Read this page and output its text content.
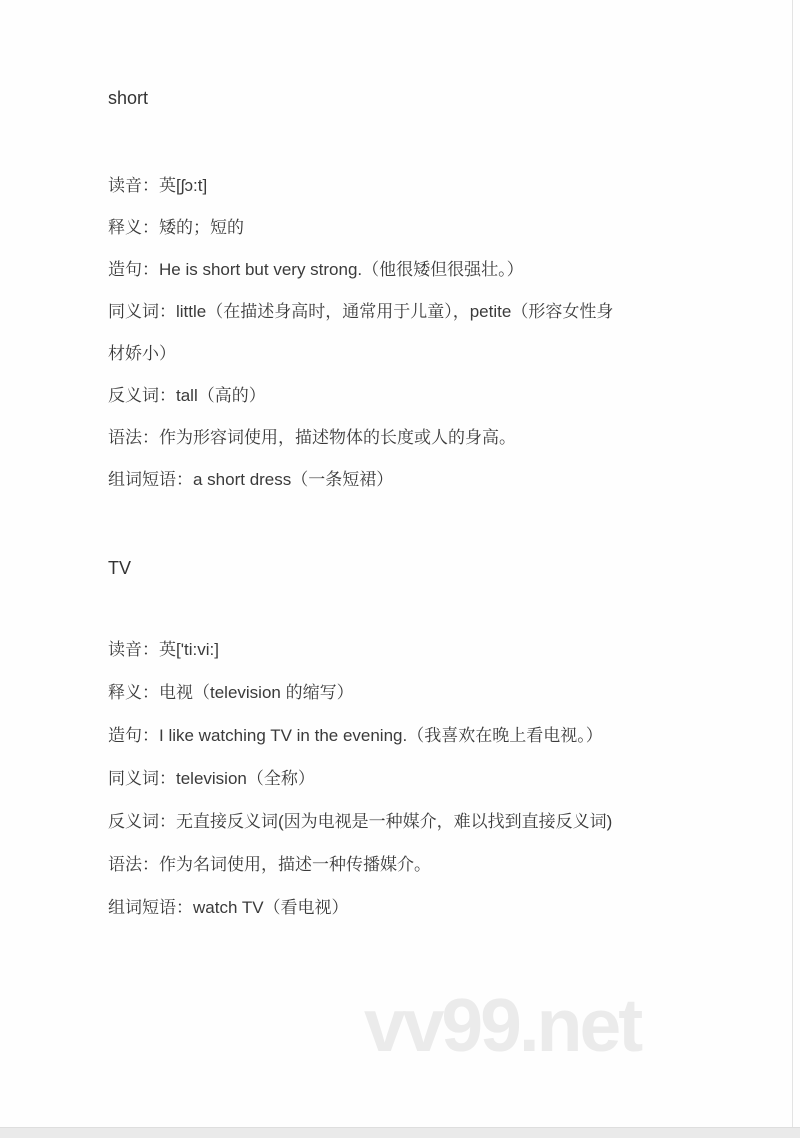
short

读音：英[ʃɔ:t]

释义：矮的；短的

造句：He is short but very strong.（他很矮但很强壮。）

同义词：little（在描述身高时，通常用于儿童），petite（形容女性身

材娇小）

反义词：tall（高的）

语法：作为形容词使用，描述物体的长度或人的身高。

组词短语：a short dress（一条短裙）

TV

读音：英['ti:vi:]

释义：电视（television 的缩写）

造句：I like watching TV in the evening.（我喜欢在晚上看电视。）

同义词：television（全称）

反义词：无直接反义词(因为电视是一种媒介，难以找到直接反义词)

语法：作为名词使用，描述一种传播媒介。

组词短语：watch TV（看电视）

vv99.net
